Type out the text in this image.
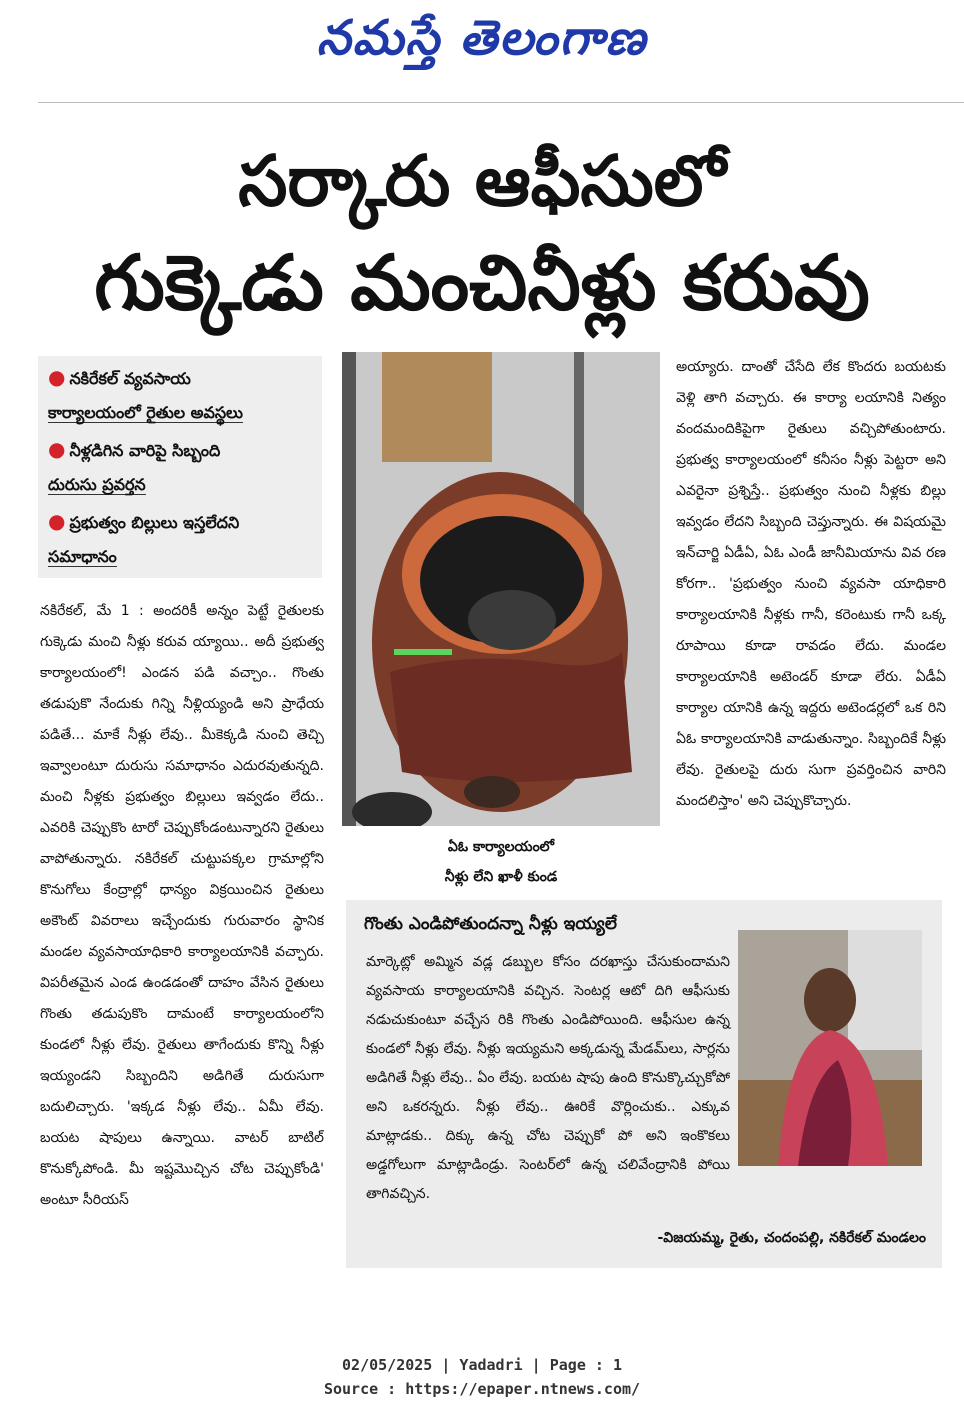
నమస్తే తెలంగాణ
సర్కారు ఆఫీసులో
గుక్కెడు మంచినీళ్లు కరువు
● నకిరేకల్ వ్యవసాయ
కార్యాలయంలో రైతుల అవస్థలు
● నీళ్లడిగిన వారిపై సిబ్బంది
దురుసు ప్రవర్తన
● ప్రభుత్వం బిల్లులు ఇస్తలేదని
సమాధానం

నకిరేకల్, మే 1 : అందరికీ అన్నం పెట్టే రైతులకు గుక్కెడు మంచి నీళ్లు కరువ య్యాయి.. అదీ ప్రభుత్వ కార్యాలయంలో! ఎండన పడి వచ్చాం.. గొంతు తడుపుకొ నేందుకు గిన్ని నీళ్లియ్యండి అని ప్రాధేయ పడితే... మాకే నీళ్లు లేవు.. మీకెక్కడి నుంచి తెచ్చి ఇవ్వాలంటూ దురుసు సమాధానం ఎదురవుతున్నది. మంచి నీళ్లకు ప్రభుత్వం బిల్లులు ఇవ్వడం లేదు.. ఎవరికి చెప్పుకొం టారో చెప్పుకోండంటున్నారని రైతులు వాపోతున్నారు. నకిరేకల్ చుట్టుపక్కల గ్రామాల్లోని కొనుగోలు కేంద్రాల్లో ధాన్యం విక్రయించిన రైతులు అకౌంట్ వివరాలు ఇచ్చేందుకు గురువారం స్థానిక మండల వ్యవసాయాధికారి కార్యాలయానికి వచ్చారు. విపరీతమైన ఎండ ఉండడంతో దాహం వేసిన రైతులు గొంతు తడుపుకొం దామంటే కార్యాలయంలోని కుండలో నీళ్లు లేవు. రైతులు తాగేందుకు కొన్ని నీళ్లు ఇయ్యండని సిబ్బందిని అడిగితే దురుసుగా బదులిచ్చారు. 'ఇక్కడ నీళ్లు లేవు.. ఏమీ లేవు. బయట షాపులు ఉన్నాయి. వాటర్ బాటిల్ కొనుక్కోపోండి. మీ ఇష్టమొచ్చిన చోట చెప్పుకోండి' అంటూ సీరియస్

ఏఓ కార్యాలయంలో
నీళ్లు లేని ఖాళీ కుండ

అయ్యారు. దాంతో చేసేది లేక కొందరు బయటకు వెళ్లి తాగి వచ్చారు. ఈ కార్యా లయానికి నిత్యం వందమందికిపైగా రైతులు వచ్చిపోతుంటారు. ప్రభుత్వ కార్యాలయంలో కనీసం నీళ్లు పెట్టరా అని ఎవరైనా ప్రశ్నిస్తే.. ప్రభుత్వం నుంచి నీళ్లకు బిల్లు ఇవ్వడం లేదని సిబ్బంది చెప్తున్నారు. ఈ విషయమై ఇన్‌చార్జి ఏడీఏ, ఏఓ ఎండీ జానీమియాను వివ రణ కోరగా.. 'ప్రభుత్వం నుంచి వ్యవసా యాధికారి కార్యాలయానికి నీళ్లకు గానీ, కరెంటుకు గానీ ఒక్క రూపాయి కూడా రావడం లేదు. మండల కార్యాలయానికి అటెండర్ కూడా లేరు. ఏడీఏ కార్యాల యానికి ఉన్న ఇద్దరు అటెండర్లలో ఒక రిని ఏఓ కార్యాలయానికి వాడుతున్నాం. సిబ్బందికే నీళ్లు లేవు. రైతులపై దురు సుగా ప్రవర్తించిన వారిని మందలిస్తాం' అని చెప్పుకొచ్చారు.

గొంతు ఎండిపోతుందన్నా నీళ్లు ఇయ్యలే
మార్కెట్లో అమ్మిన వడ్ల డబ్బుల కోసం దరఖాస్తు చేసుకుందామని వ్యవసాయ కార్యాలయానికి వచ్చిన. సెంటర్ల ఆటో దిగి ఆఫీసుకు నడుచుకుంటూ వచ్చేస రికి గొంతు ఎండిపోయింది. ఆఫీసుల ఉన్న కుండలో నీళ్లు లేవు. నీళ్లు ఇయ్యమని అక్కడున్న మేడమ్‌లు, సార్లను అడిగితే నీళ్లు లేవు.. ఏం లేవు. బయట షాపు ఉంది కొనుక్కొచ్చుకోపో అని ఒకరన్నరు. నీళ్లు లేవు.. ఊరికే వొర్లించుకు.. ఎక్కువ మాట్లాడకు.. దిక్కు ఉన్న చోట చెప్పుకో పో అని ఇంకొకలు అడ్డగోలుగా మాట్లాడిండ్రు. సెంటర్‌లో ఉన్న చలివేంద్రానికి పోయి తాగివచ్చిన.
-విజయమ్మ, రైతు, చందంపల్లి, నకిరేకల్ మండలం
02/05/2025 | Yadadri | Page : 1
Source : https://epaper.ntnews.com/
